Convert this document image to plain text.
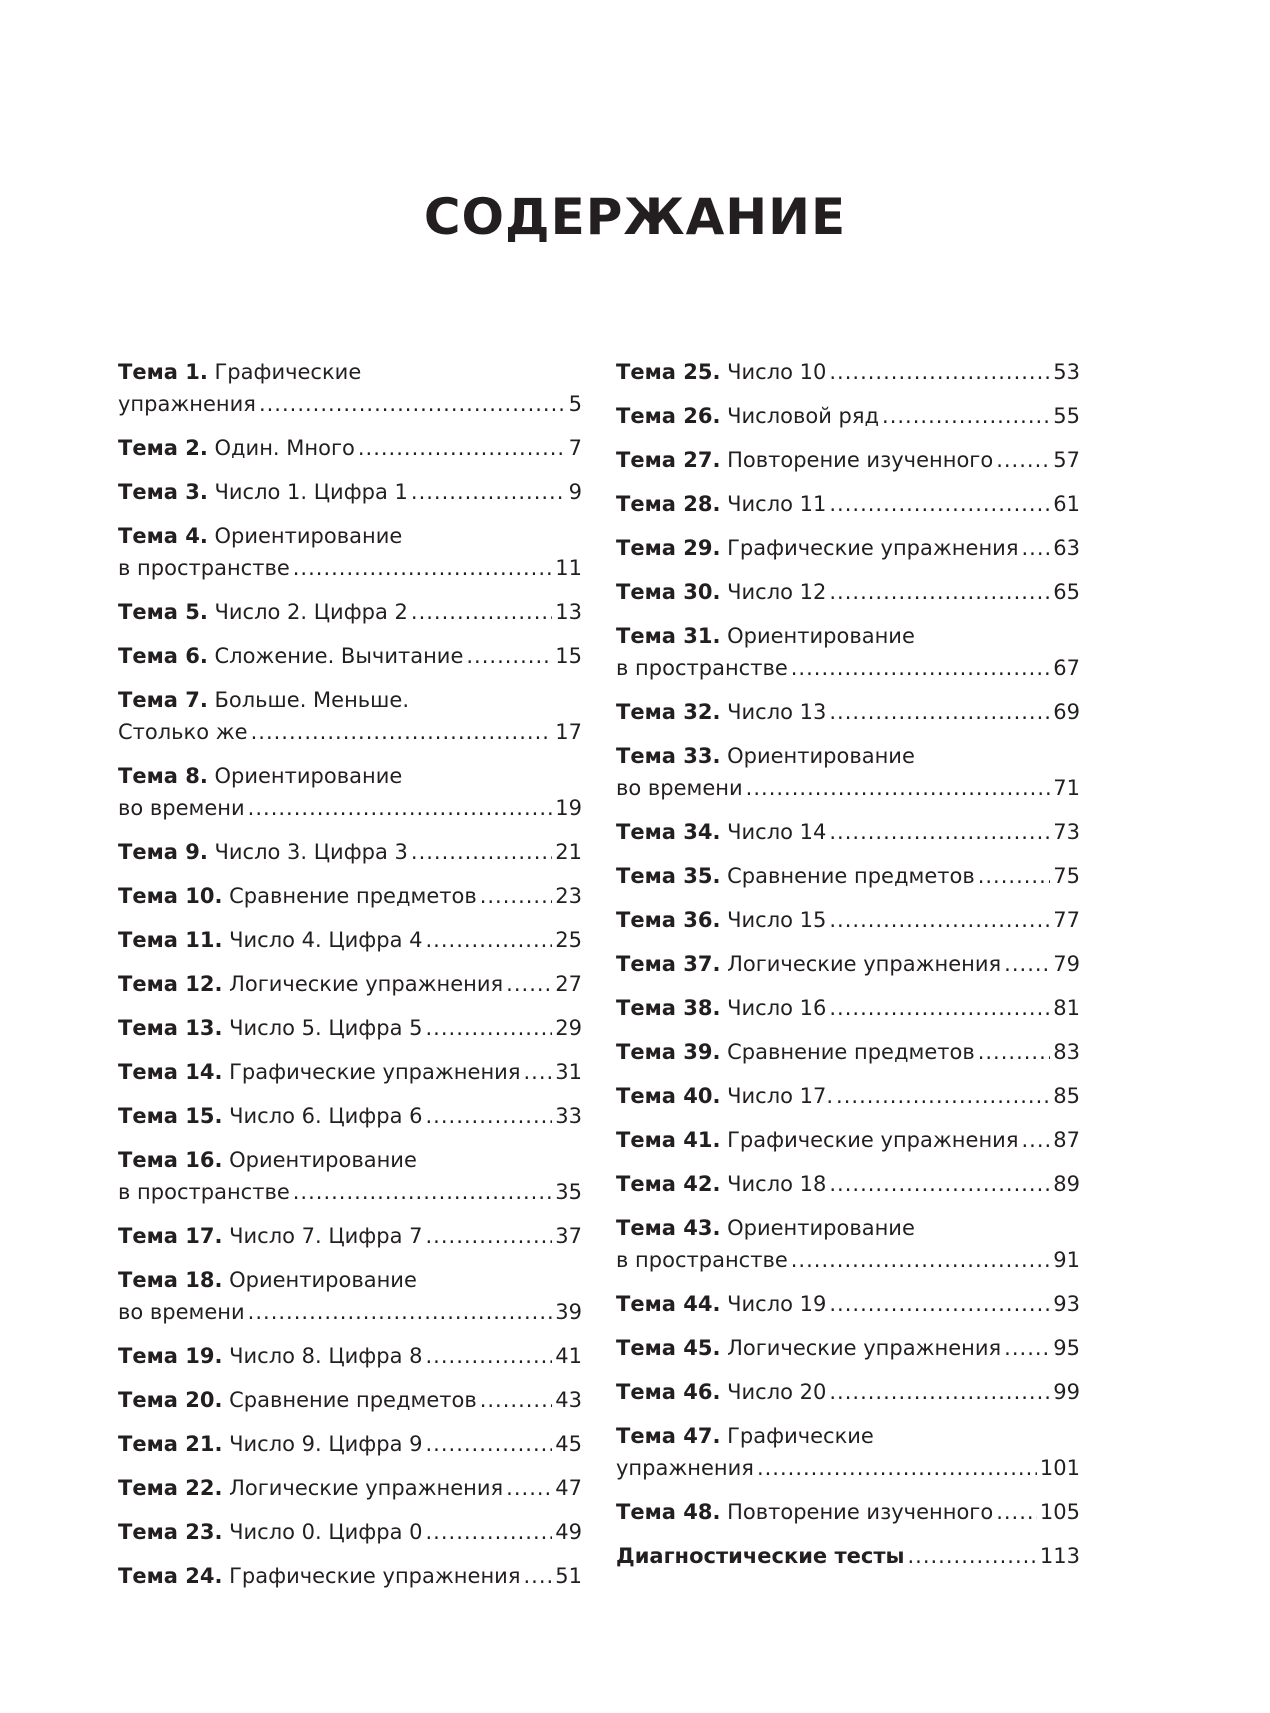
СОДЕРЖАНИЕ
Тема 1. Графические
упражнения .....	5
Тема 2. Один. Много .....	7
Тема 3. Число 1. Цифра 1 .....	9
Тема 4. Ориентирование
в пространстве .....	11
Тема 5. Число 2. Цифра 2 .....	13
Тема 6. Сложение. Вычитание .....	15
Тема 7. Больше. Меньше.
Столько же .....	17
Тема 8. Ориентирование
во времени .....	19
Тема 9. Число 3. Цифра 3 .....	21
Тема 10. Сравнение предметов .....	23
Тема 11. Число 4. Цифра 4 .....	25
Тема 12. Логические упражнения ..... 27
Тема 13. Число 5. Цифра 5 .....	29
Тема 14. Графические упражнения ..... 31
Тема 15. Число 6. Цифра 6 .....	33
Тема 16. Ориентирование
в пространстве .....	35
Тема 17. Число 7. Цифра 7 .....	37
Тема 18. Ориентирование
во времени .....	39
Тема 19. Число 8. Цифра 8 .....	41
Тема 20. Сравнение предметов .....	43
Тема 21. Число 9. Цифра 9 .....	45
Тема 22. Логические упражнения ..... 47
Тема 23. Число 0. Цифра 0 .....	49
Тема 24. Графические упражнения ..... 51
Тема 25. Число 10 .....	53
Тема 26. Числовой ряд .....	55
Тема 27. Повторение изученного .....	57
Тема 28. Число 11 .....	61
Тема 29. Графические упражнения ..... 63
Тема 30. Число 12 .....	65
Тема 31. Ориентирование
в пространстве .....	67
Тема 32. Число 13 .....	69
Тема 33. Ориентирование
во времени .....	71
Тема 34. Число 14 .....	73
Тема 35. Сравнение предметов .....	75
Тема 36. Число 15 .....	77
Тема 37. Логические упражнения ..... 79
Тема 38. Число 16 .....	81
Тема 39. Сравнение предметов .....	83
Тема 40. Число 17. .....	85
Тема 41. Графические упражнения ..... 87
Тема 42. Число 18 .....	89
Тема 43. Ориентирование
в пространстве .....	91
Тема 44. Число 19 .....	93
Тема 45. Логические упражнения ..... 95
Тема 46. Число 20 .....	99
Тема 47. Графические
упражнения .....	101
Тема 48. Повторение изученного ..... 105
Диагностические тесты .....	113
